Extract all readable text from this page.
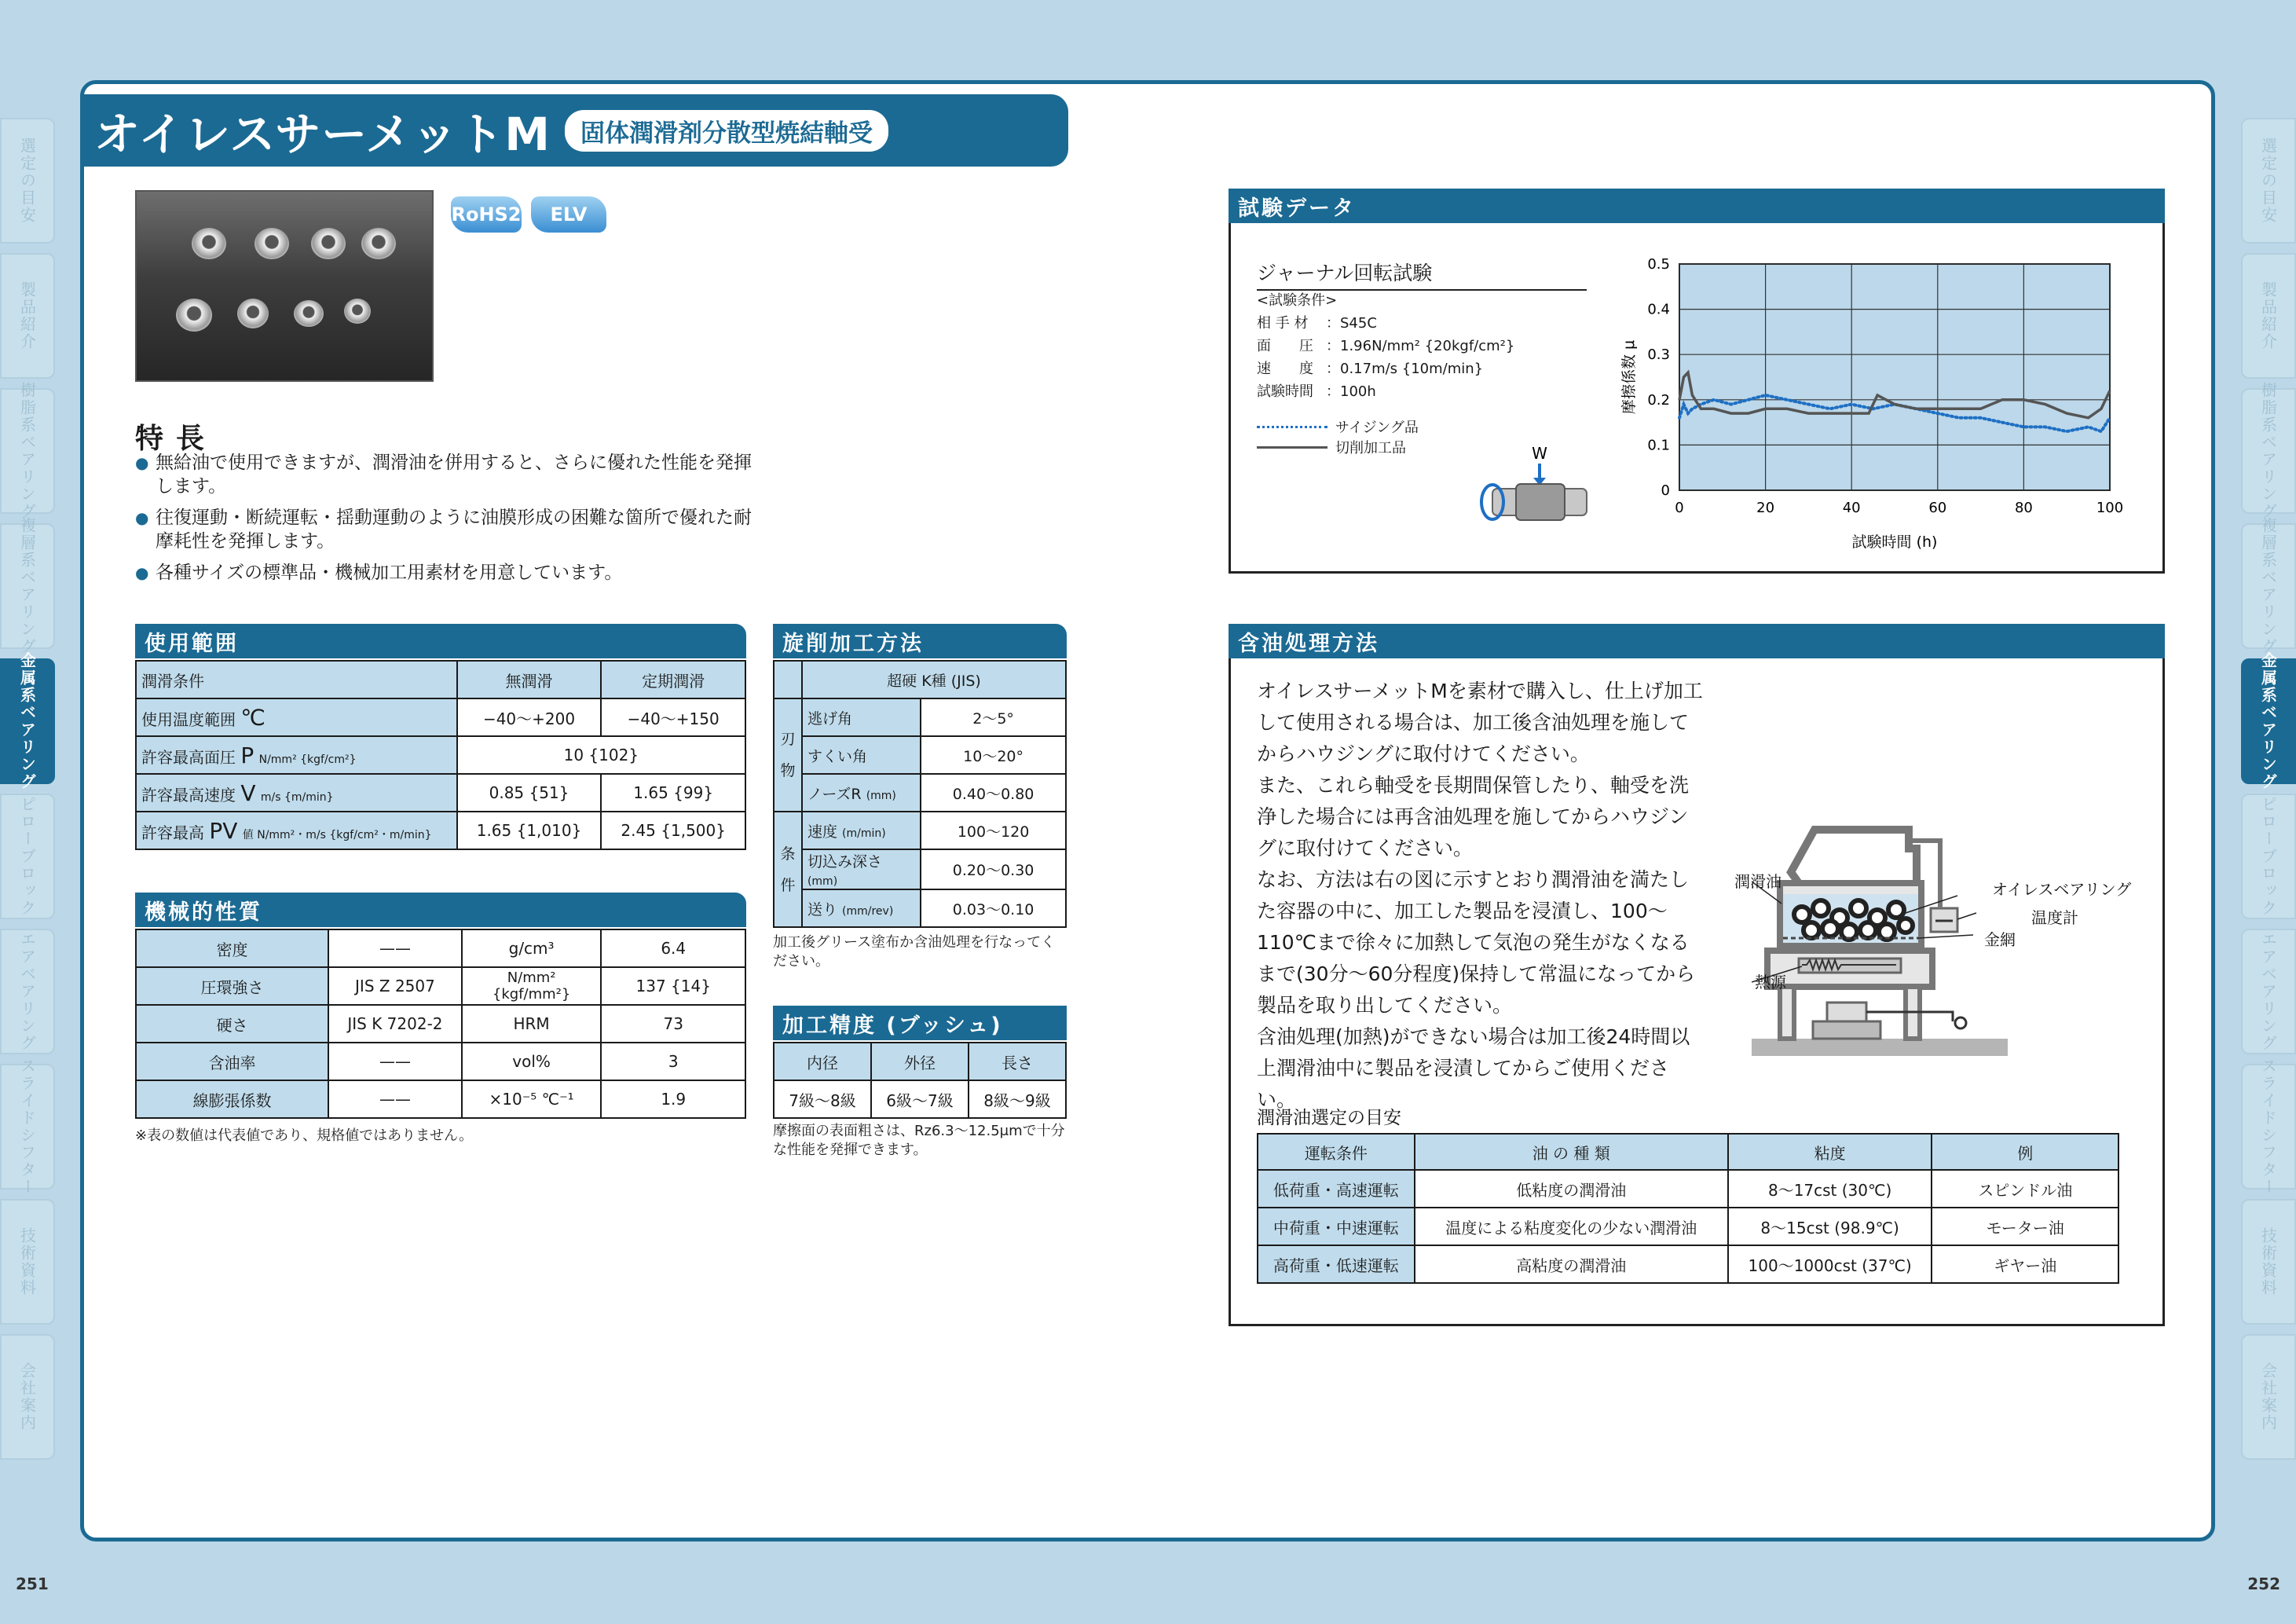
選定の目安
製品紹介
樹脂系ベアリング
複層系ベアリング
金属系ベアリング
ピローブロック
エアベアリング
スライドシフター
技術資料
会社案内
選定の目安
製品紹介
樹脂系ベアリング
複層系ベアリング
金属系ベアリング
ピローブロック
エアベアリング
スライドシフター
技術資料
会社案内
251	252
オイレスサーメットM	固体潤滑剤分散型焼結軸受
RoHS2	ELV
特長
● 無給油で使用できますが、潤滑油を併用すると、さらに優れた性能を発揮します。
● 往復運動・断続運転・揺動運動のように油膜形成の困難な箇所で優れた耐摩耗性を発揮します。
● 各種サイズの標準品・機械加工用素材を用意しています。
使用範囲
潤滑条件	無潤滑	定期潤滑
使用温度範囲 ℃	−40〜+200	−40〜+150
許容最高面圧 P N/mm² {kgf/cm²}	10 {102}	
許容最高速度 V m/s {m/min}	0.85 {51}	1.65 {99}
許容最高 PV 値 N/mm²・m/s {kgf/cm²・m/min}	1.65 {1,010}	2.45 {1,500}
機械的性質
密度	——	g/cm³	6.4
圧環強さ	JIS Z 2507	N/mm² {kgf/mm²}	137 {14}
硬さ	JIS K 7202-2	HRM	73
含油率	——	vol%	3
線膨張係数	——	×10⁻⁵ ℃⁻¹	1.9
※表の数値は代表値であり、規格値ではありません。
旋削加工方法
	超硬 K種 (JIS)	
刃
物	逃げ角	2〜5°
	すくい角	10〜20°
	ノーズR (mm)	0.40〜0.80
条
件	速度 (m/min)	100〜120
	切込み深さ (mm)	0.20〜0.30
	送り (mm/rev)	0.03〜0.10
加工後グリース塗布か含油処理を行なってください。
加工精度 (ブッシュ)
内径	外径	長さ
7級〜8級	6級〜7級	8級〜9級
摩擦面の表面粗さは、Rz6.3〜12.5μmで十分な性能を発揮できます。
試験データ
ジャーナル回転試験
<試験条件>
相 手 材 ：S45C
面　　圧 ：1.96N/mm² {20kgf/cm²}
速　　度 ：0.17m/s {10m/min}
試験時間 ：100h
サイジング品
切削加工品	W
0	20	40	60	80	100
0
0.1
0.2
0.3
0.4
0.5
試験時間 (h)
摩擦係数 μ
含油処理方法
オイレスサーメットMを素材で購入し、仕上げ加工して使用される場合は、加工後含油処理を施してからハウジングに取付けてください。
また、これら軸受を長期間保管したり、軸受を洗浄した場合には再含油処理を施してからハウジングに取付けてください。
なお、方法は右の図に示すとおり潤滑油を満たした容器の中に、加工した製品を浸漬し、100〜110℃まで徐々に加熱して気泡の発生がなくなるまで(30分〜60分程度)保持して常温になってから製品を取り出してください。
含油処理(加熱)ができない場合は加工後24時間以上潤滑油中に製品を浸漬してからご使用ください。
潤滑油	オイレスベアリング
温度計
金網
熱源
潤滑油選定の目安
運転条件	油 の 種 類	粘度	例
低荷重・高速運転	低粘度の潤滑油	8〜17cst (30℃)	スピンドル油
中荷重・中速運転	温度による粘度変化の少ない潤滑油	8〜15cst (98.9℃)	モーター油
高荷重・低速運転	高粘度の潤滑油	100〜1000cst (37℃)	ギヤー油
